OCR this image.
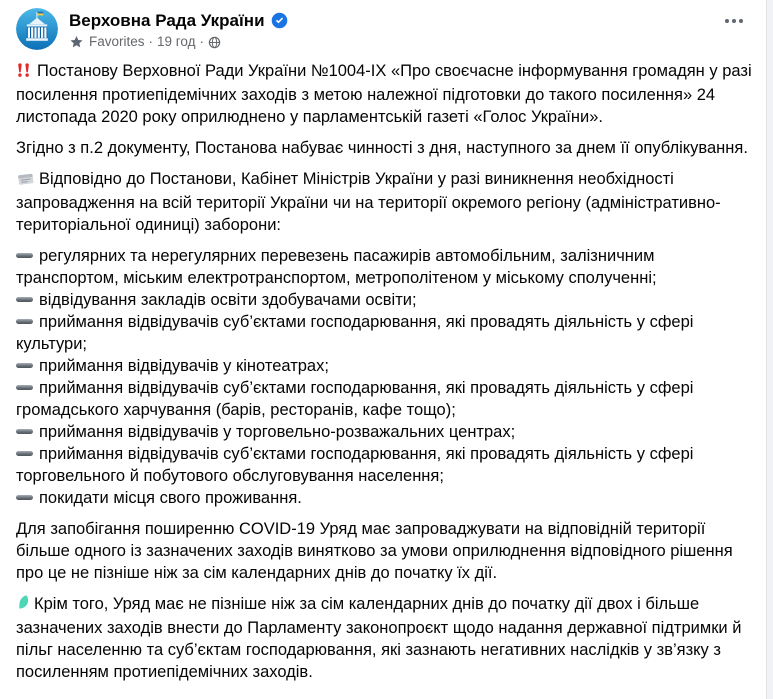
Верховна Рада України
Favorites · 19 год ·

Постанову Верховної Ради України №1004-IX «Про своєчасне інформування громадян у разі посилення протиепідемічних заходів з метою належної підготовки до такого посилення» 24 листопада 2020 року оприлюднено у парламентській газеті «Голос України».

Згідно з п.2 документу, Постанова набуває чинності з дня, наступного за днем її опублікування.

Відповідно до Постанови, Кабінет Міністрів України у разі виникнення необхідності запровадження на всій території України чи на території окремого регіону (адміністративно-територіальної одиниці) заборони:

регулярних та нерегулярних перевезень пасажирів автомобільним, залізничним транспортом, міським електротранспортом, метрополітеном у міському сполученні;
відвідування закладів освіти здобувачами освіти;
приймання відвідувачів суб’єктами господарювання, які провадять діяльність у сфері культури;
приймання відвідувачів у кінотеатрах;
приймання відвідувачів суб’єктами господарювання, які провадять діяльність у сфері громадського харчування (барів, ресторанів, кафе тощо);
приймання відвідувачів у торговельно-розважальних центрах;
приймання відвідувачів суб’єктами господарювання, які провадять діяльність у сфері торговельного й побутового обслуговування населення;
покидати місця свого проживання.

Для запобігання поширенню COVID-19 Уряд має запроваджувати на відповідній території більше одного із зазначених заходів винятково за умови оприлюднення відповідного рішення про це не пізніше ніж за сім календарних днів до початку їх дії.

Крім того, Уряд має не пізніше ніж за сім календарних днів до початку дії двох і більше зазначених заходів внести до Парламенту законопроєкт щодо надання державної підтримки й пільг населенню та суб’єктам господарювання, які зазнають негативних наслідків у зв’язку з посиленням протиепідемічних заходів.
